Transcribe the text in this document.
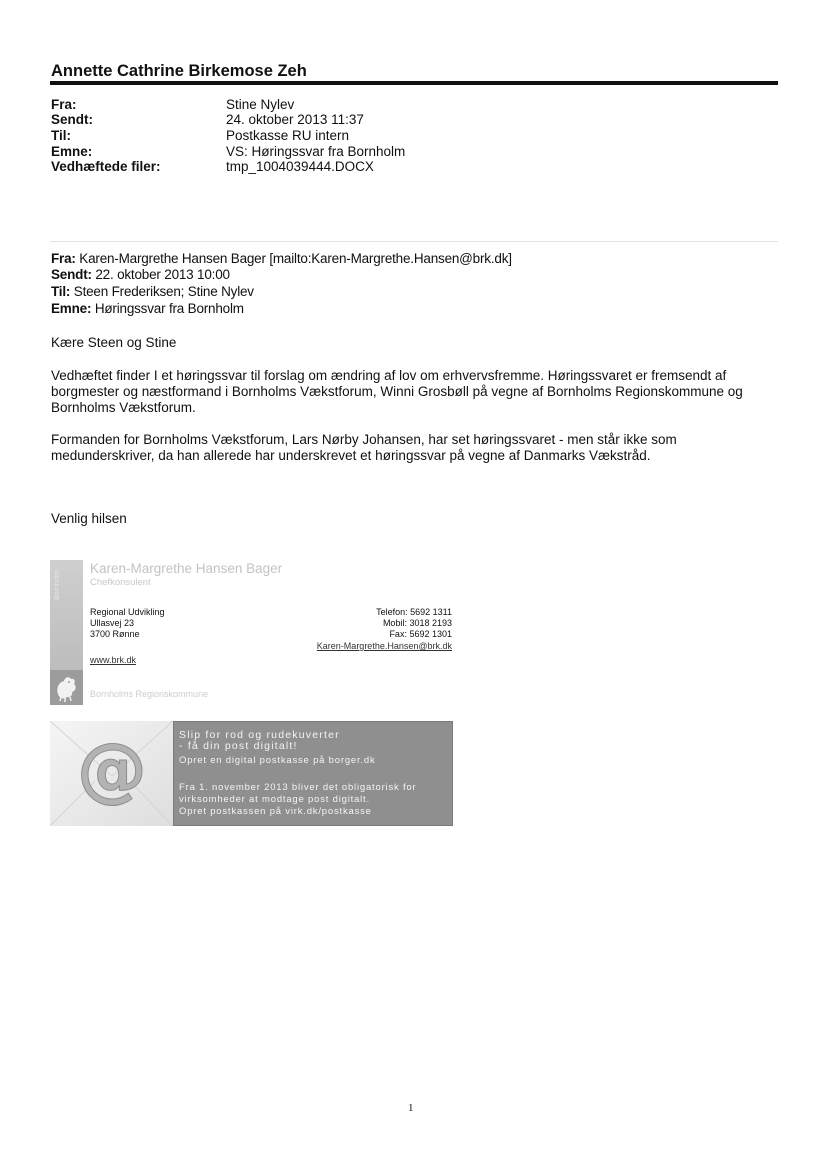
Annette Cathrine Birkemose Zeh
Fra:	Stine Nylev
Sendt:	24. oktober 2013 11:37
Til:	Postkasse RU intern
Emne:	VS: Høringssvar fra Bornholm
Vedhæftede filer:	tmp_1004039444.DOCX
Fra: Karen-Margrethe Hansen Bager [mailto:Karen-Margrethe.Hansen@brk.dk]
Sendt: 22. oktober 2013 10:00
Til: Steen Frederiksen; Stine Nylev
Emne: Høringssvar fra Bornholm
Kære Steen og Stine
Vedhæftet finder I et høringssvar til forslag om ændring af lov om erhvervsfremme. Høringssvaret er fremsendt af borgmester og næstformand i Bornholms Vækstforum, Winni Grosbøll på vegne af Bornholms Regionskommune og Bornholms Vækstforum.
Formanden for Bornholms Vækstforum, Lars Nørby Johansen, har set høringssvaret - men står ikke som medunderskriver, da han allerede har underskrevet et høringssvar på vegne af Danmarks Vækstråd.
Venlig hilsen
Bornholm
Karen-Margrethe Hansen Bager
Chefkonsulent
Regional Udvikling
Ullasvej 23
3700 Rønne
www.brk.dk
Telefon: 5692 1311
Mobil: 3018 2193
Fax: 5692 1301
Karen-Margrethe.Hansen@brk.dk
Bornholms Regionskommune
@	Slip for rod og rudekuverter
- få din post digitalt!
Opret en digital postkasse på borger.dk
Fra 1. november 2013 bliver det obligatorisk for
virksomheder at modtage post digitalt.
Opret postkassen på virk.dk/postkasse
1
